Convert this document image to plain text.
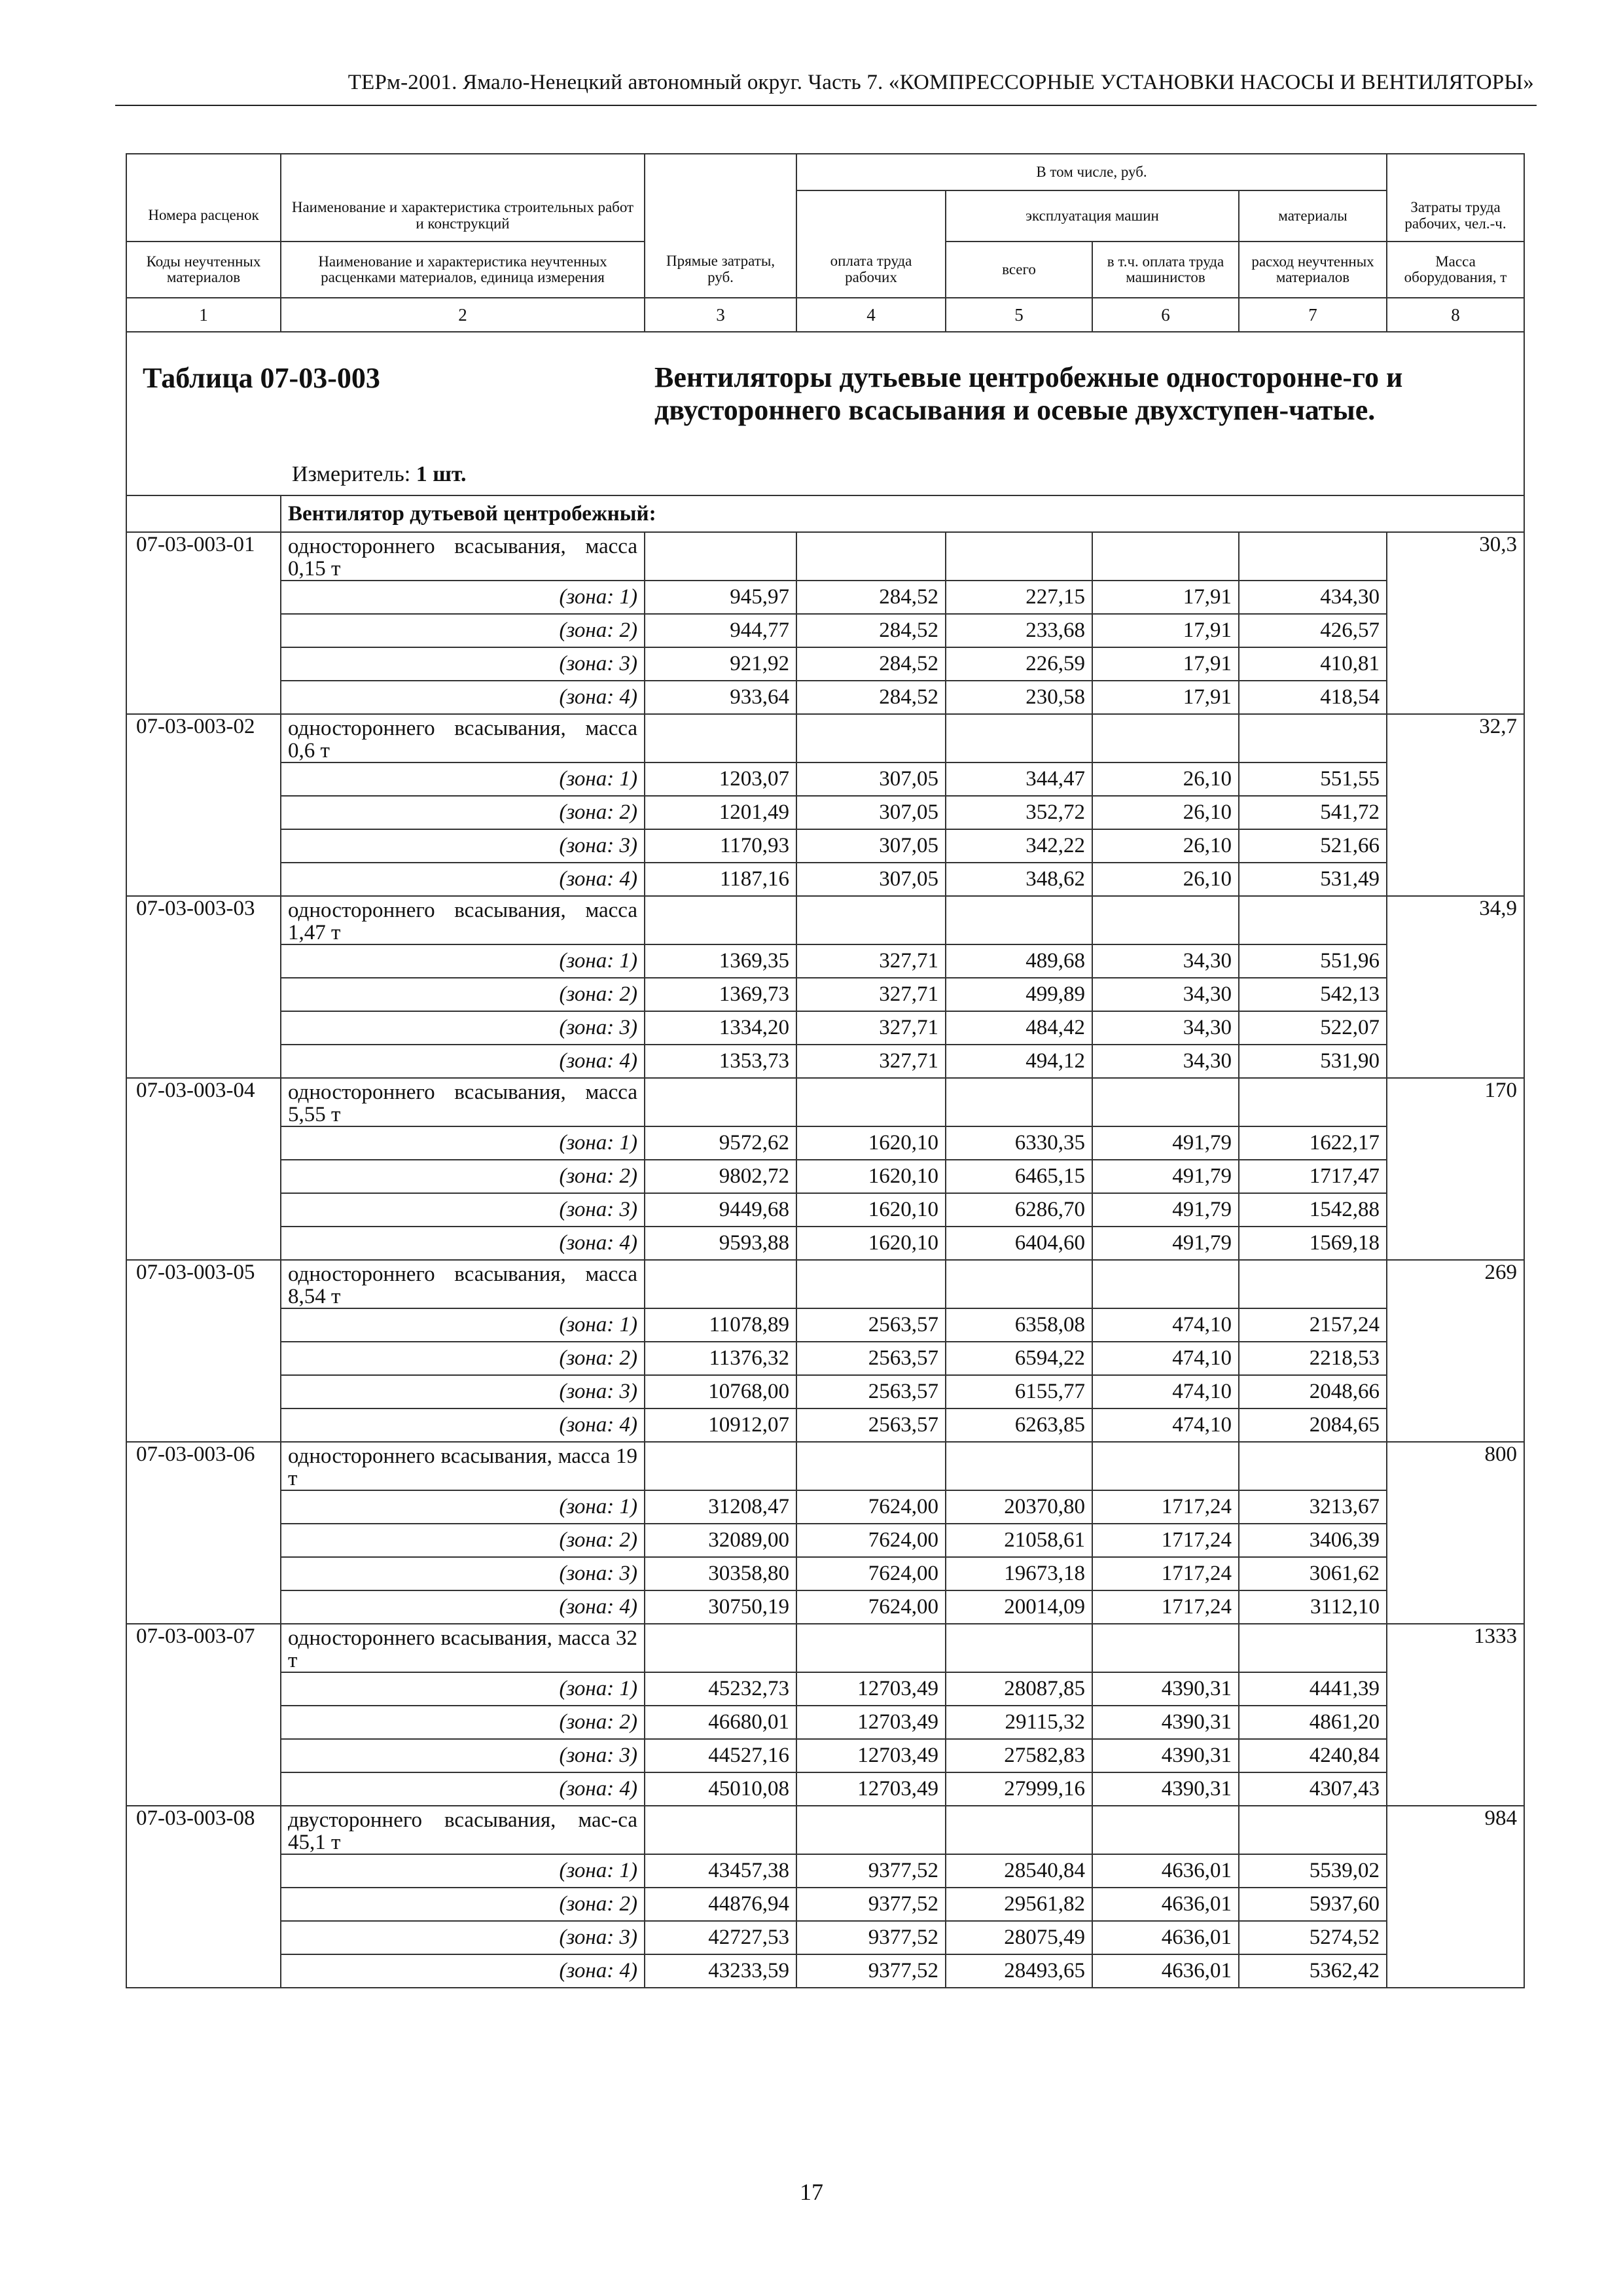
ТЕРм-2001. Ямало-Ненецкий автономный округ. Часть 7. «КОМПРЕССОРНЫЕ УСТАНОВКИ НАСОСЫ И ВЕНТИЛЯТОРЫ»
			В том числе, руб.				
Номера расценок	Наименование и характеристика строительных работ и конструкций			эксплуатация машин		материалы	Затраты труда рабочих, чел.-ч.
Коды неучтенных материалов	Наименование и характеристика неучтенных расценками материалов, единица измерения	Прямые затраты, руб.	оплата труда рабочих	всего	в т.ч. оплата труда машинистов	расход неучтенных материалов	Масса оборудования, т
1	2	3	4	5	6	7	8

Таблица 07-03-003 Вентиляторы дутьевые центробежные односторонне-го и двустороннего всасывания и осевые двухступен-чатые.
Измеритель: 1 шт.							

	Вентилятор дутьевой центробежный:						
07-03-003-01	одностороннего всасывания, масса 0,15 т						30,3
	(зона: 1)	945,97	284,52	227,15	17,91	434,30	
	(зона: 2)	944,77	284,52	233,68	17,91	426,57	
	(зона: 3)	921,92	284,52	226,59	17,91	410,81	
	(зона: 4)	933,64	284,52	230,58	17,91	418,54	
07-03-003-02	одностороннего всасывания, масса 0,6 т						32,7
	(зона: 1)	1203,07	307,05	344,47	26,10	551,55	
	(зона: 2)	1201,49	307,05	352,72	26,10	541,72	
	(зона: 3)	1170,93	307,05	342,22	26,10	521,66	
	(зона: 4)	1187,16	307,05	348,62	26,10	531,49	
07-03-003-03	одностороннего всасывания, масса 1,47 т						34,9
	(зона: 1)	1369,35	327,71	489,68	34,30	551,96	
	(зона: 2)	1369,73	327,71	499,89	34,30	542,13	
	(зона: 3)	1334,20	327,71	484,42	34,30	522,07	
	(зона: 4)	1353,73	327,71	494,12	34,30	531,90	
07-03-003-04	одностороннего всасывания, масса 5,55 т						170
	(зона: 1)	9572,62	1620,10	6330,35	491,79	1622,17	
	(зона: 2)	9802,72	1620,10	6465,15	491,79	1717,47	
	(зона: 3)	9449,68	1620,10	6286,70	491,79	1542,88	
	(зона: 4)	9593,88	1620,10	6404,60	491,79	1569,18	
07-03-003-05	одностороннего всасывания, масса 8,54 т						269
	(зона: 1)	11078,89	2563,57	6358,08	474,10	2157,24	
	(зона: 2)	11376,32	2563,57	6594,22	474,10	2218,53	
	(зона: 3)	10768,00	2563,57	6155,77	474,10	2048,66	
	(зона: 4)	10912,07	2563,57	6263,85	474,10	2084,65	
07-03-003-06	одностороннего всасывания, масса 19 т						800
	(зона: 1)	31208,47	7624,00	20370,80	1717,24	3213,67	
	(зона: 2)	32089,00	7624,00	21058,61	1717,24	3406,39	
	(зона: 3)	30358,80	7624,00	19673,18	1717,24	3061,62	
	(зона: 4)	30750,19	7624,00	20014,09	1717,24	3112,10	
07-03-003-07	одностороннего всасывания, масса 32 т						1333
	(зона: 1)	45232,73	12703,49	28087,85	4390,31	4441,39	
	(зона: 2)	46680,01	12703,49	29115,32	4390,31	4861,20	
	(зона: 3)	44527,16	12703,49	27582,83	4390,31	4240,84	
	(зона: 4)	45010,08	12703,49	27999,16	4390,31	4307,43	
07-03-003-08	двустороннего всасывания, мас-са 45,1 т						984
	(зона: 1)	43457,38	9377,52	28540,84	4636,01	5539,02	
	(зона: 2)	44876,94	9377,52	29561,82	4636,01	5937,60	
	(зона: 3)	42727,53	9377,52	28075,49	4636,01	5274,52	
	(зона: 4)	43233,59	9377,52	28493,65	4636,01	5362,42	
17
